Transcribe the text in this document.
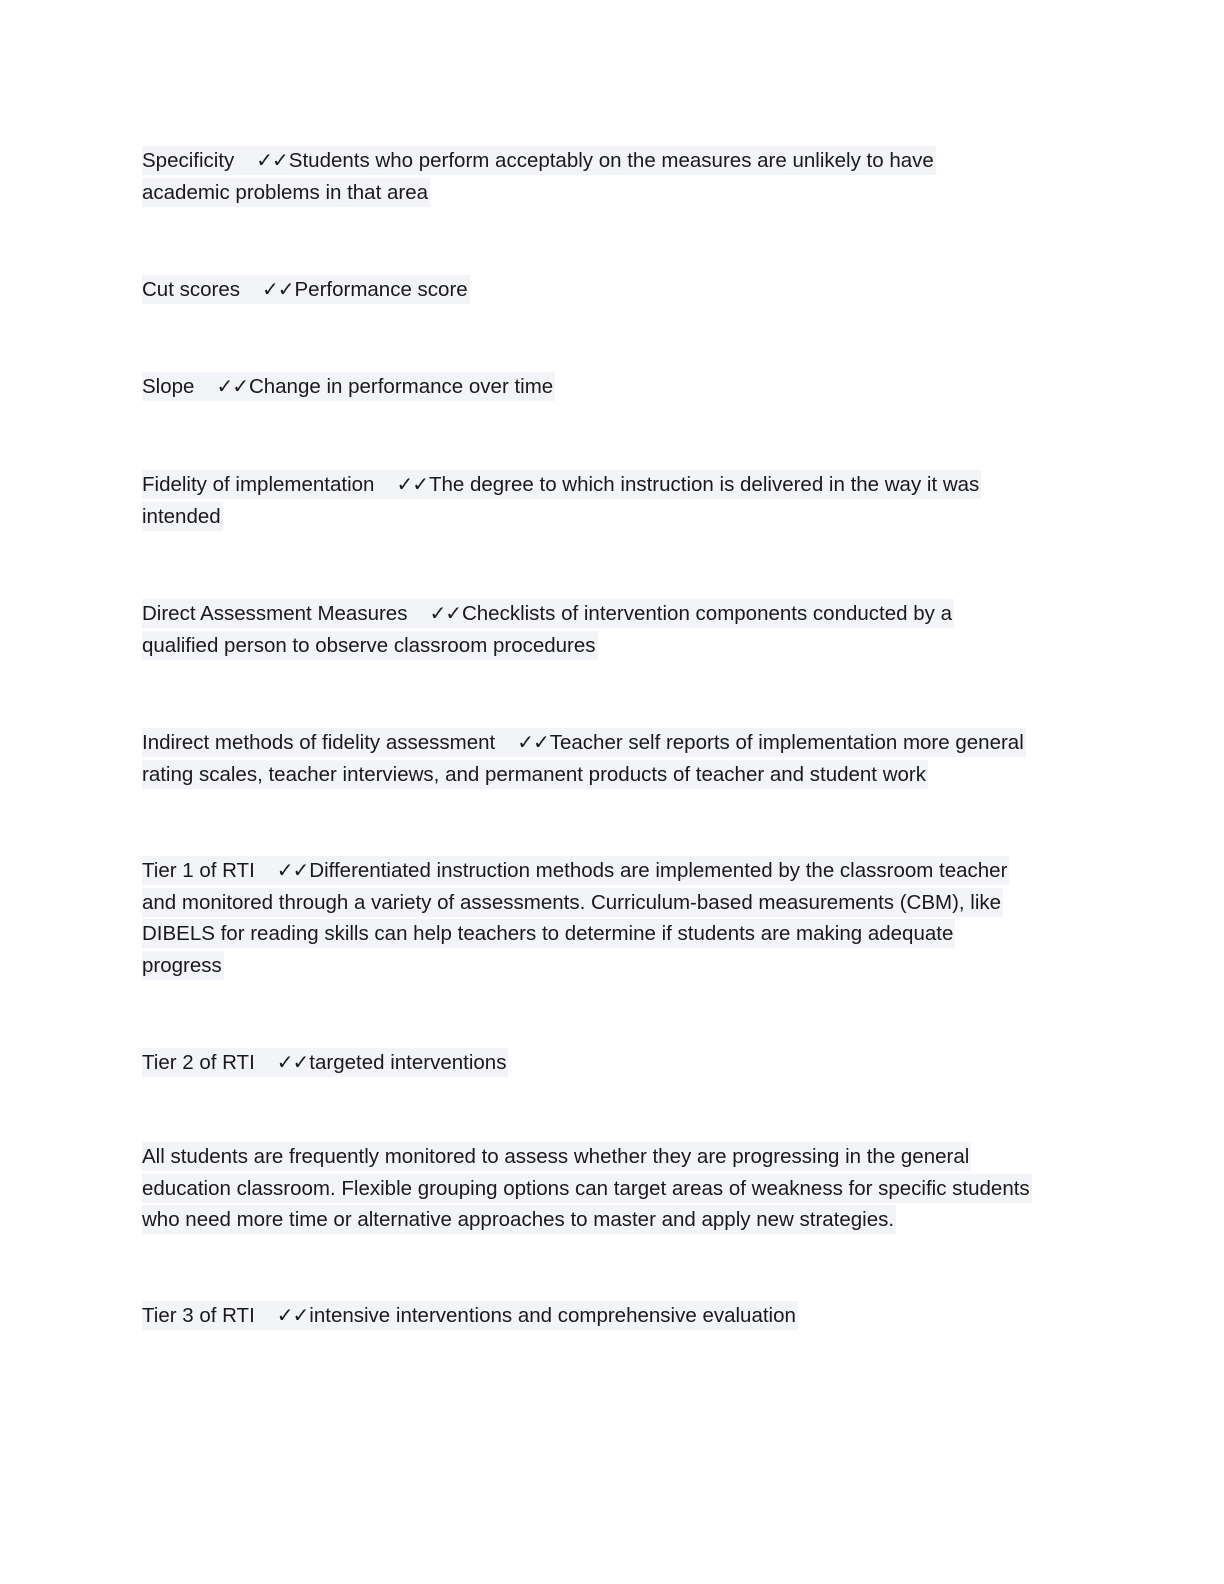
Specificity ✓✓Students who perform acceptably on the measures are unlikely to have academic problems in that area
Cut scores ✓✓Performance score
Slope ✓✓Change in performance over time
Fidelity of implementation ✓✓The degree to which instruction is delivered in the way it was intended
Direct Assessment Measures ✓✓Checklists of intervention components conducted by a qualified person to observe classroom procedures
Indirect methods of fidelity assessment ✓✓Teacher self reports of implementation more general rating scales, teacher interviews, and permanent products of teacher and student work
Tier 1 of RTI ✓✓Differentiated instruction methods are implemented by the classroom teacher and monitored through a variety of assessments. Curriculum-based measurements (CBM), like DIBELS for reading skills can help teachers to determine if students are making adequate progress
Tier 2 of RTI ✓✓targeted interventions
All students are frequently monitored to assess whether they are progressing in the general education classroom. Flexible grouping options can target areas of weakness for specific students who need more time or alternative approaches to master and apply new strategies.
Tier 3 of RTI ✓✓intensive interventions and comprehensive evaluation
